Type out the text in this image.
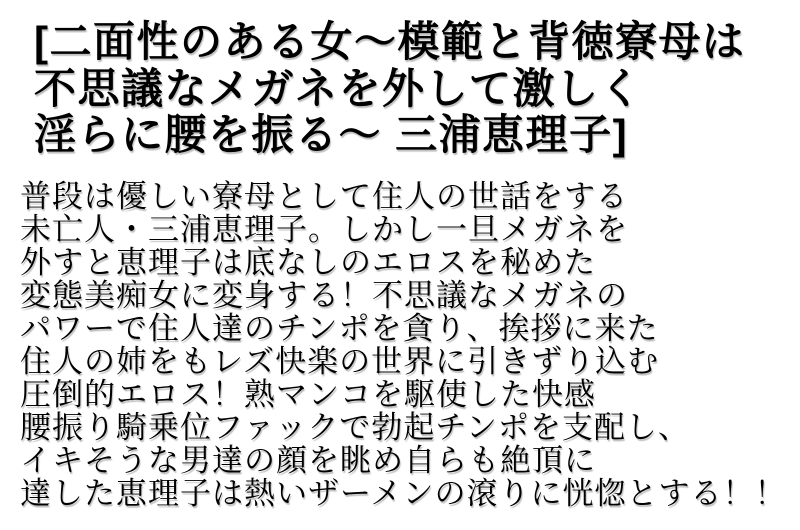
[二面性のある女～模範と背徳寮母は
不思議なメガネを外して激しく
淫らに腰を振る～ 三浦恵理子]
普段は優しい寮母として住人の世話をする
未亡人・三浦恵理子。しかし一旦メガネを
外すと恵理子は底なしのエロスを秘めた
変態美痴女に変身する！不思議なメガネの
パワーで住人達のチンポを貪り、挨拶に来た
住人の姉をもレズ快楽の世界に引きずり込む
圧倒的エロス！熟マンコを駆使した快感
腰振り騎乗位ファックで勃起チンポを支配し、
イキそうな男達の顔を眺め自らも絶頂に
達した恵理子は熱いザーメンの滾りに恍惚とする！！
